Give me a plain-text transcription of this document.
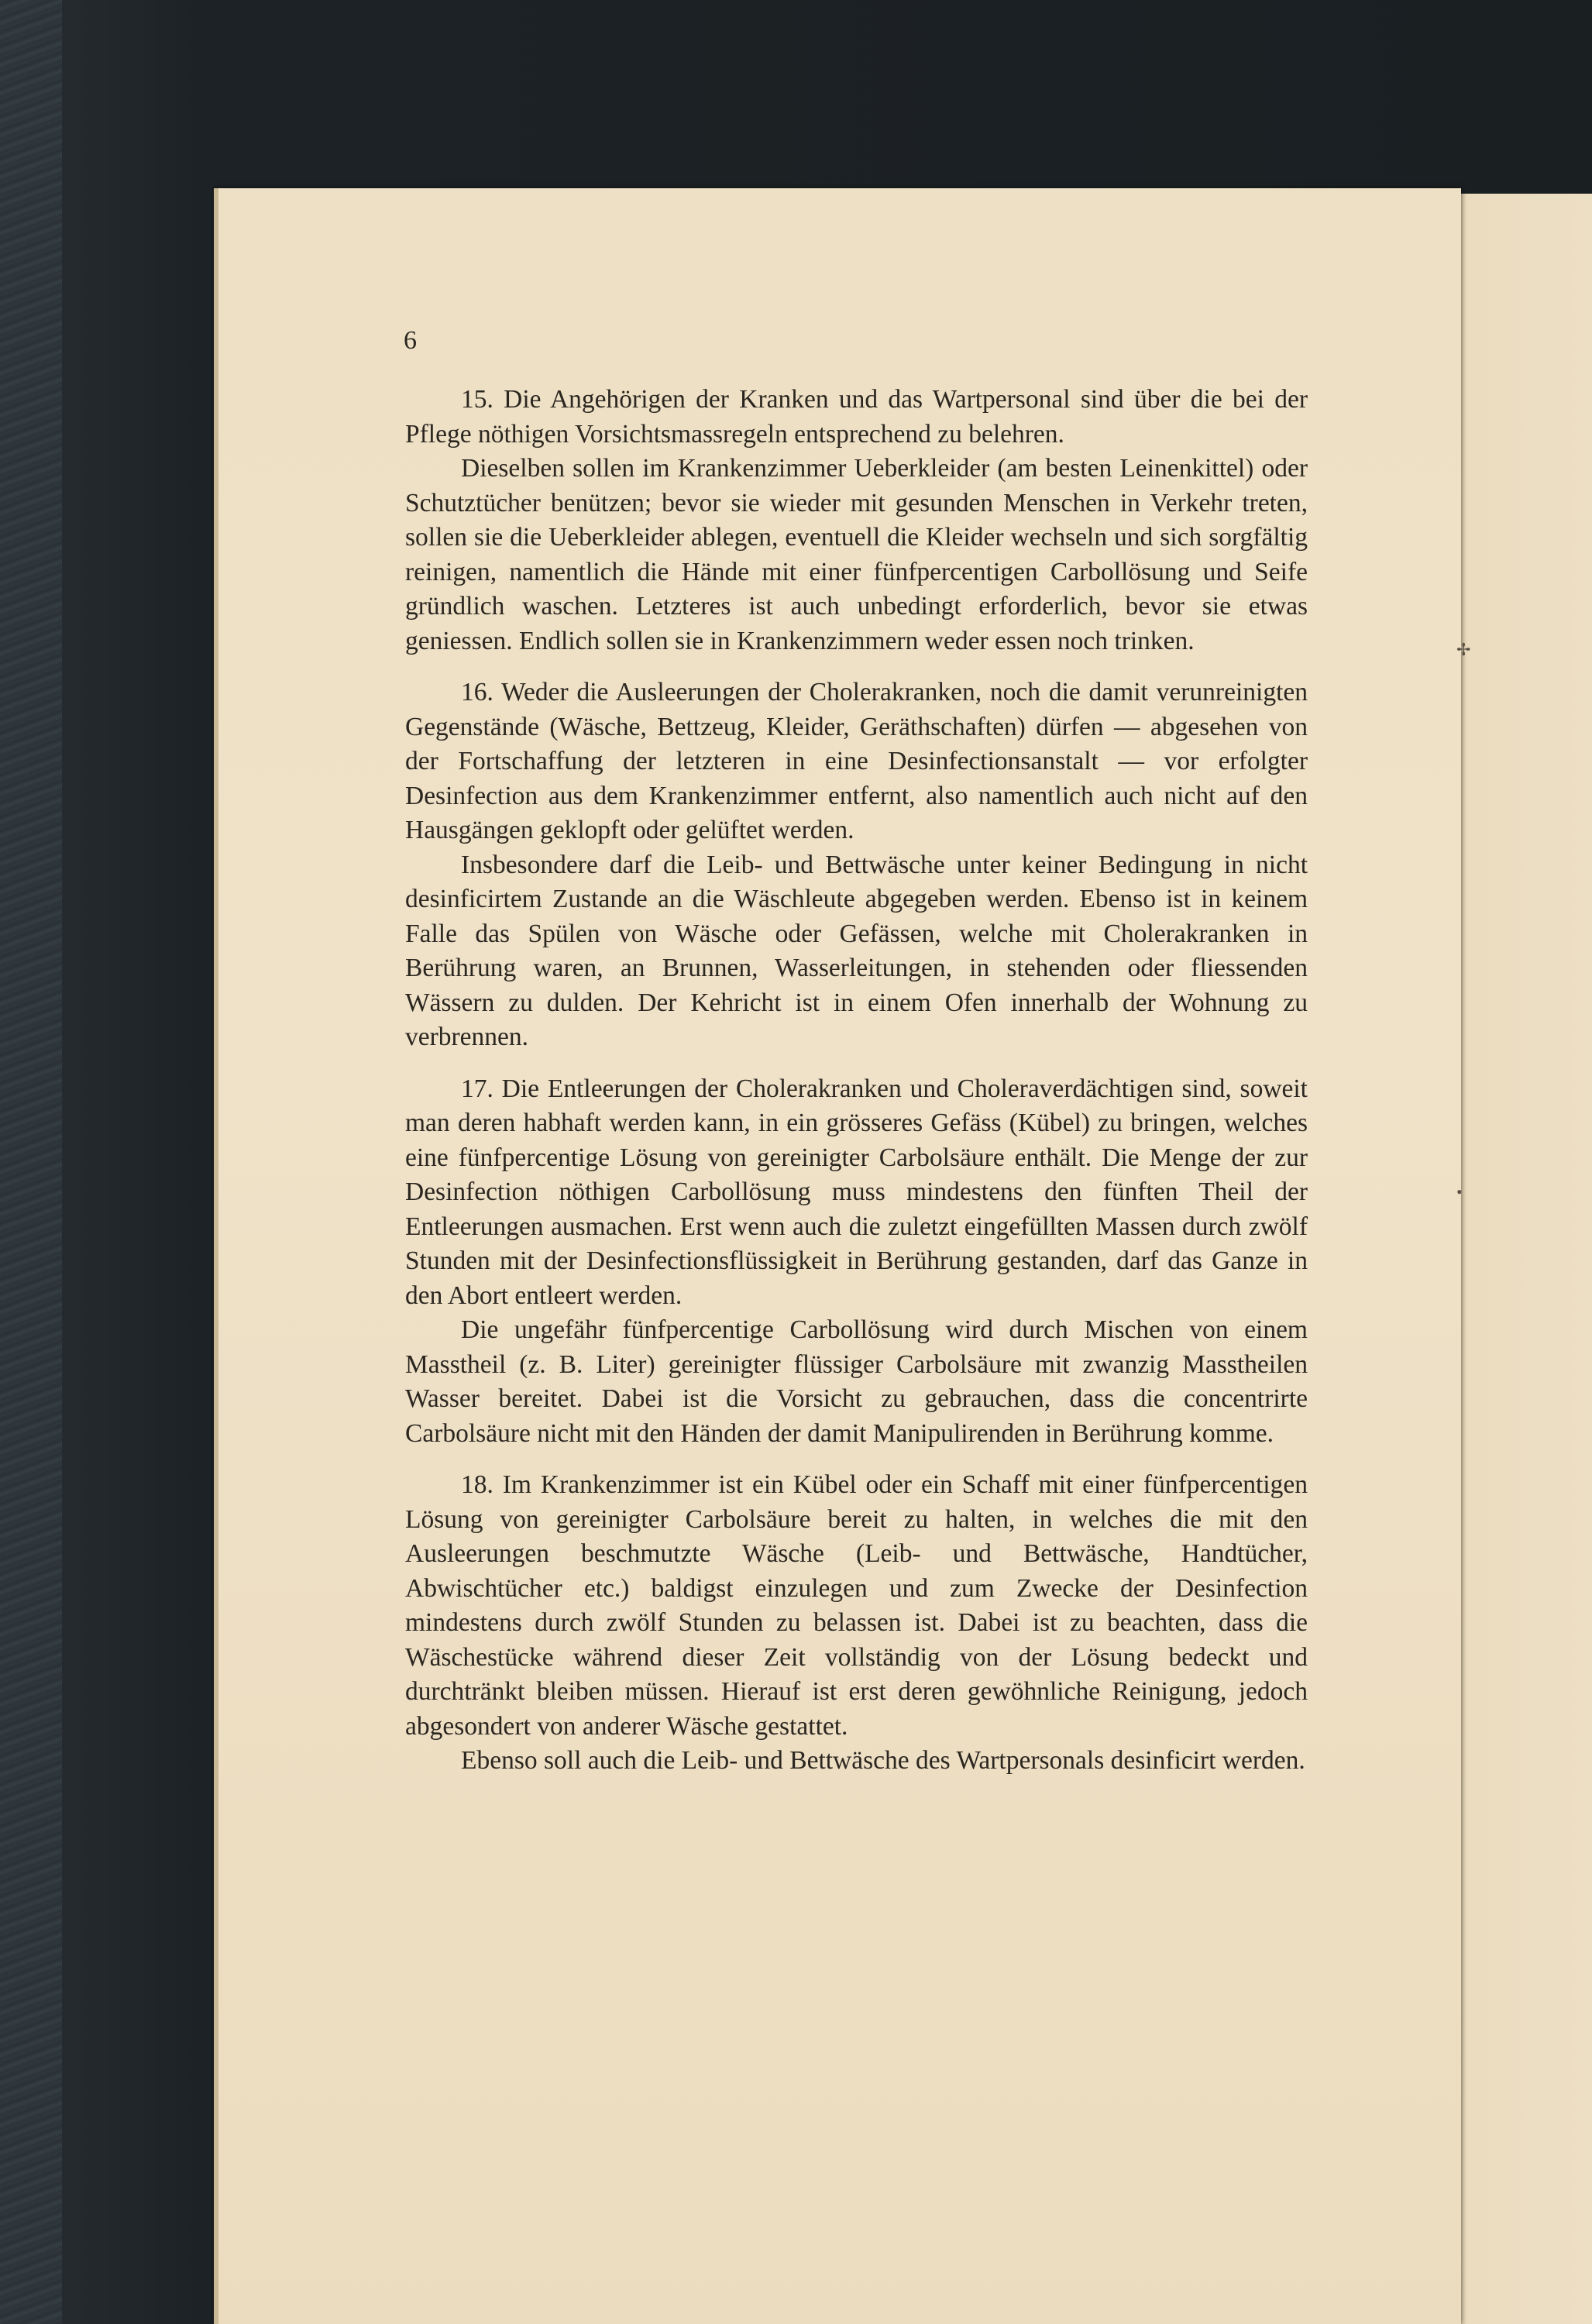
✢
•
6

15. Die Angehörigen der Kranken und das Wartpersonal sind über die bei der Pflege nöthigen Vorsichtsmassregeln entsprechend zu belehren.

Dieselben sollen im Krankenzimmer Ueberkleider (am besten Leinenkittel) oder Schutztücher benützen; bevor sie wieder mit gesunden Menschen in Verkehr treten, sollen sie die Ueberkleider ablegen, eventuell die Kleider wechseln und sich sorgfältig reinigen, namentlich die Hände mit einer fünfpercentigen Carbollösung und Seife gründlich waschen. Letzteres ist auch unbedingt erforderlich, bevor sie etwas geniessen. Endlich sollen sie in Krankenzimmern weder essen noch trinken.

16. Weder die Ausleerungen der Cholerakranken, noch die damit verunreinigten Gegenstände (Wäsche, Bettzeug, Kleider, Geräthschaften) dürfen — abgesehen von der Fortschaffung der letzteren in eine Desinfectionsanstalt — vor erfolgter Desinfection aus dem Krankenzimmer entfernt, also namentlich auch nicht auf den Hausgängen geklopft oder gelüftet werden.

Insbesondere darf die Leib- und Bettwäsche unter keiner Bedingung in nicht desinficirtem Zustande an die Wäschleute abgegeben werden. Ebenso ist in keinem Falle das Spülen von Wäsche oder Gefässen, welche mit Cholerakranken in Berührung waren, an Brunnen, Wasserleitungen, in stehenden oder fliessenden Wässern zu dulden. Der Kehricht ist in einem Ofen innerhalb der Wohnung zu verbrennen.

17. Die Entleerungen der Cholerakranken und Choleraverdächtigen sind, soweit man deren habhaft werden kann, in ein grösseres Gefäss (Kübel) zu bringen, welches eine fünfpercentige Lösung von gereinigter Carbolsäure enthält. Die Menge der zur Desinfection nöthigen Carbollösung muss mindestens den fünften Theil der Entleerungen ausmachen. Erst wenn auch die zuletzt eingefüllten Massen durch zwölf Stunden mit der Desinfectionsflüssigkeit in Berührung gestanden, darf das Ganze in den Abort entleert werden.

Die ungefähr fünfpercentige Carbollösung wird durch Mischen von einem Masstheil (z. B. Liter) gereinigter flüssiger Carbolsäure mit zwanzig Masstheilen Wasser bereitet. Dabei ist die Vorsicht zu gebrauchen, dass die concentrirte Carbolsäure nicht mit den Händen der damit Manipulirenden in Berührung komme.

18. Im Krankenzimmer ist ein Kübel oder ein Schaff mit einer fünfpercentigen Lösung von gereinigter Carbolsäure bereit zu halten, in welches die mit den Ausleerungen beschmutzte Wäsche (Leib- und Bettwäsche, Handtücher, Abwischtücher etc.) baldigst einzulegen und zum Zwecke der Desinfection mindestens durch zwölf Stunden zu belassen ist. Dabei ist zu beachten, dass die Wäschestücke während dieser Zeit vollständig von der Lösung bedeckt und durchtränkt bleiben müssen. Hierauf ist erst deren gewöhnliche Reinigung, jedoch abgesondert von anderer Wäsche gestattet.

Ebenso soll auch die Leib- und Bettwäsche des Wartpersonals desinficirt werden.
